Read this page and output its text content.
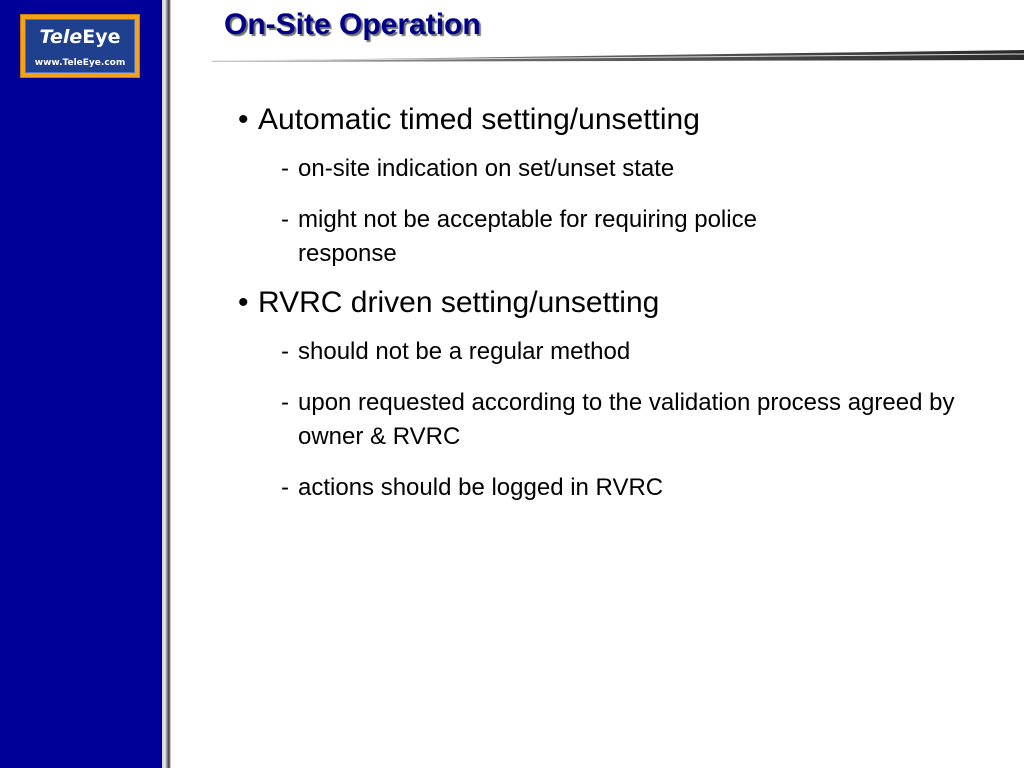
TeleEye
www.TeleEye.com
On-Site Operation
• Automatic timed setting/unsetting
- on-site indication on set/unset state
- might not be acceptable for requiring police response
• RVRC driven setting/unsetting
- should not be a regular method
- upon requested according to the validation process agreed by owner & RVRC
- actions should be logged in RVRC
